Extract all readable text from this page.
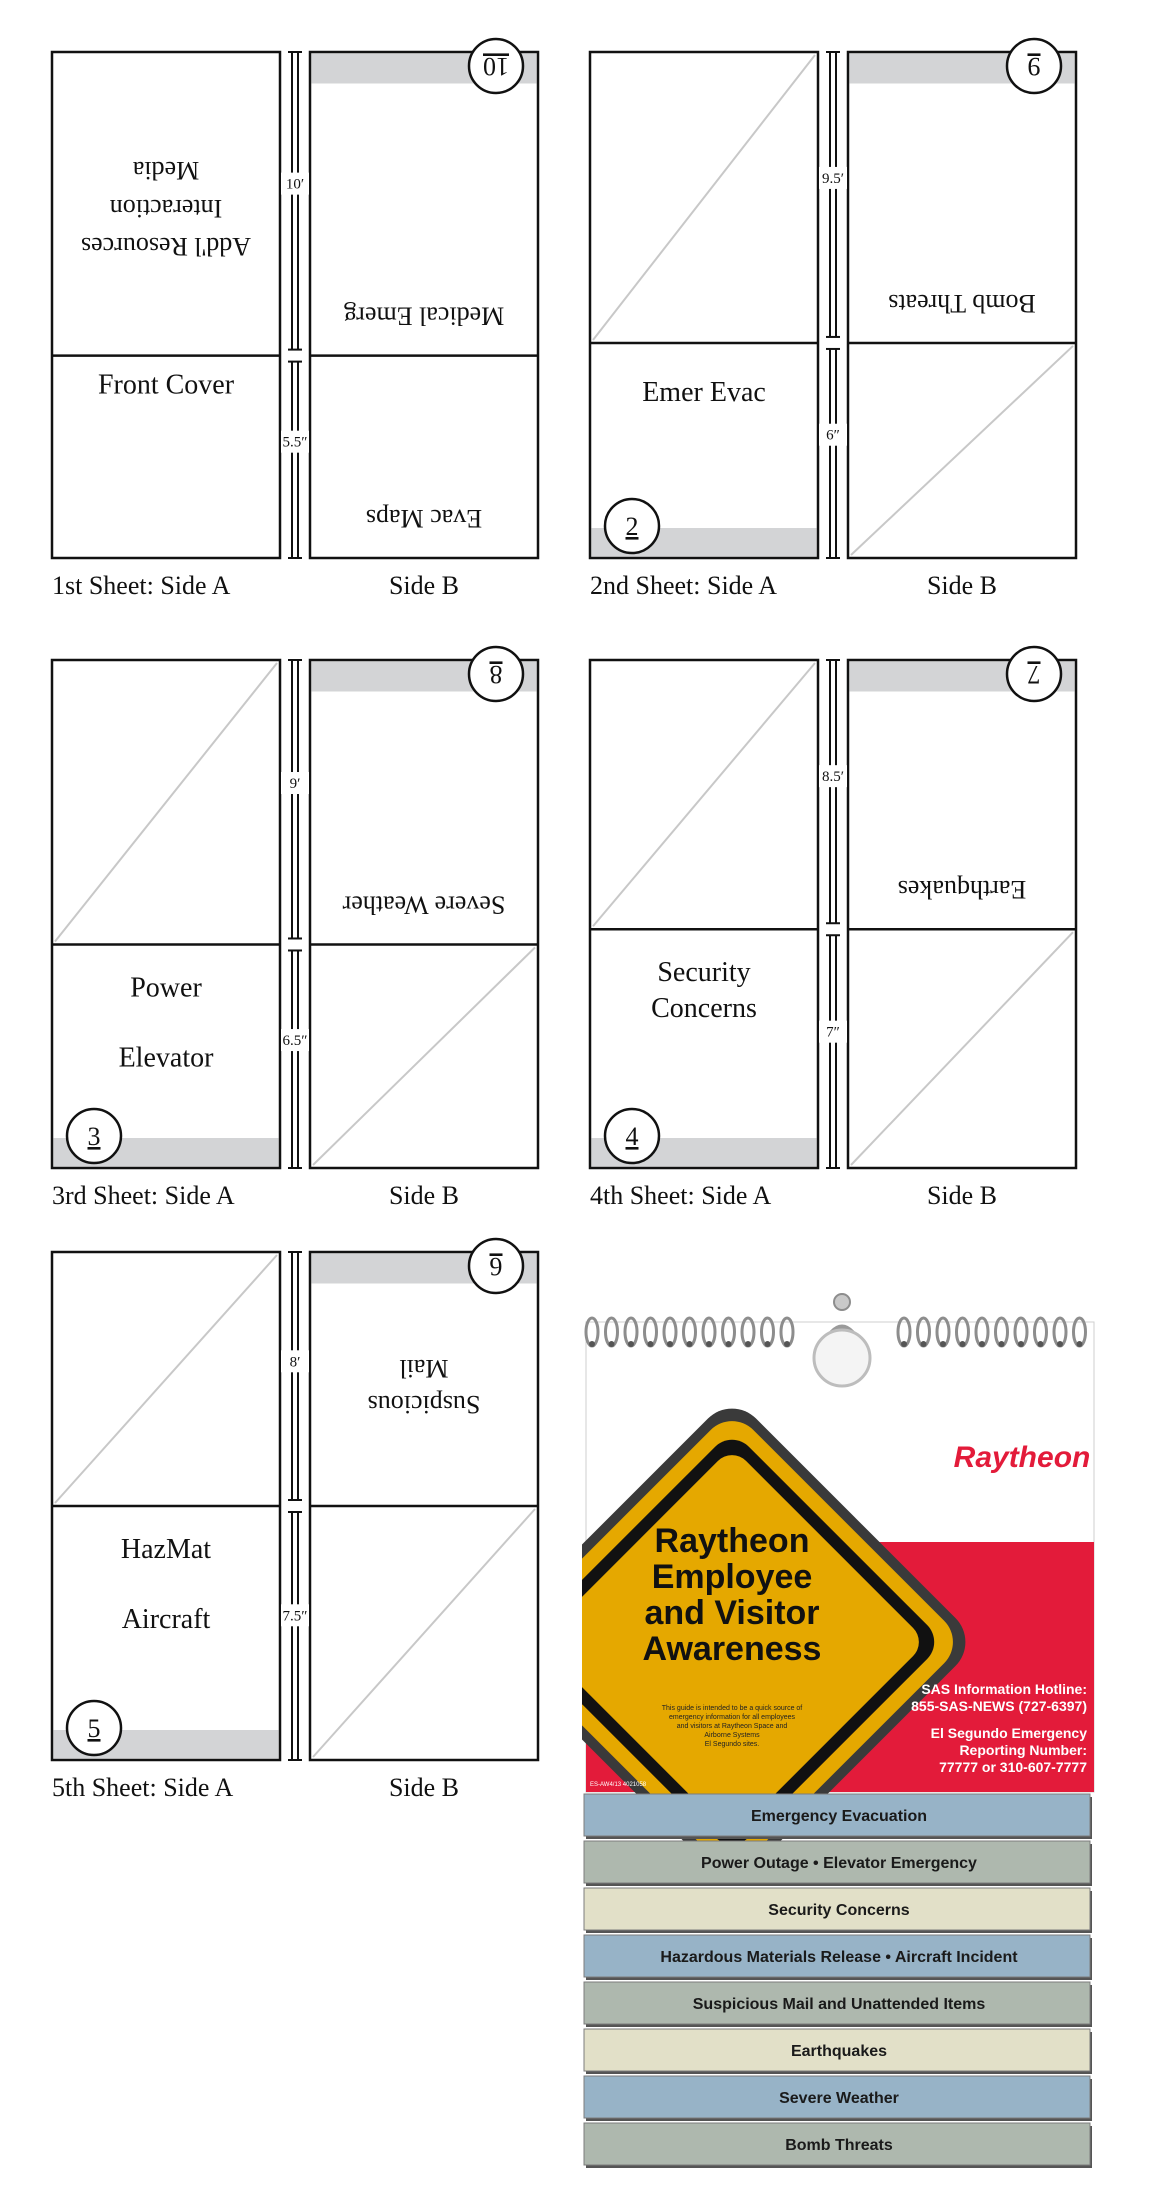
Media
Interaction
Add'l Resources
Front Cover
Medical Emerg
Evac Maps
10
10′
5.5″
1st Sheet: Side A	Side B
Emer Evac
Bomb Threats
2
9
9.5′
6″
2nd Sheet: Side A	Side B
Power
Elevator
Severe Weather
3
8
9′
6.5″
3rd Sheet: Side A	Side B
Security
Concerns
Earthquakes
4
7
8.5′
7″
4th Sheet: Side A	Side B
HazMat
Aircraft
Suspicious
Mail
5
6
8′
7.5″
5th Sheet: Side A	Side B
Raytheon
Raytheon
Employee
and Visitor
Awareness
This guide is intended to be a quick source of
emergency information for all employees
and visitors at Raytheon Space and
Airborne Systems
El Segundo sites.
SAS Information Hotline:
855-SAS-NEWS (727-6397)
El Segundo Emergency
Reporting Number:
77777 or 310-607-7777
ES-AW4/13 4021058
Emergency Evacuation
Power Outage • Elevator Emergency
Security Concerns
Hazardous Materials Release • Aircraft Incident
Suspicious Mail and Unattended Items
Earthquakes
Severe Weather
Bomb Threats
